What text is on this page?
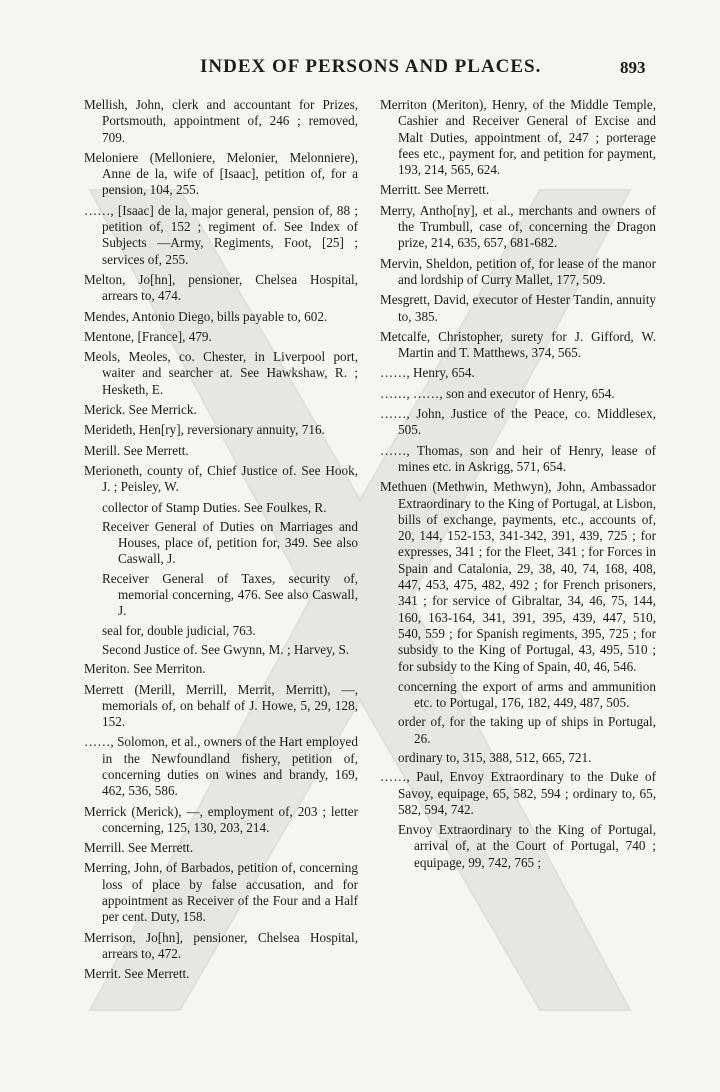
INDEX OF PERSONS AND PLACES.	893

Mellish, John, clerk and accountant for Prizes, Portsmouth, appointment of, 246 ; removed, 709.

Meloniere (Melloniere, Melonier, Melonniere), Anne de la, wife of [Isaac], petition of, for a pension, 104, 255.

……, [Isaac] de la, major general, pension of, 88 ; petition of, 152 ; regiment of. See Index of Subjects —Army, Regiments, Foot, [25] ; services of, 255.

Melton, Jo[hn], pensioner, Chelsea Hospital, arrears to, 474.

Mendes, Antonio Diego, bills payable to, 602.

Mentone, [France], 479.

Meols, Meoles, co. Chester, in Liverpool port, waiter and searcher at. See Hawkshaw, R. ; Hesketh, E.

Merick. See Merrick.

Merideth, Hen[ry], reversionary annuity, 716.

Merill. See Merrett.

Merioneth, county of, Chief Justice of. See Hook, J. ; Peisley, W.

collector of Stamp Duties. See Foulkes, R.

Receiver General of Duties on Marriages and Houses, place of, petition for, 349. See also Caswall, J.

Receiver General of Taxes, security of, memorial concerning, 476. See also Caswall, J.

seal for, double judicial, 763.

Second Justice of. See Gwynn, M. ; Harvey, S.

Meriton. See Merriton.

Merrett (Merill, Merrill, Merrit, Merritt), —, memorials of, on behalf of J. Howe, 5, 29, 128, 152.

……, Solomon, et al., owners of the Hart employed in the Newfoundland fishery, petition of, concerning duties on wines and brandy, 169, 462, 536, 586.

Merrick (Merick), —, employment of, 203 ; letter concerning, 125, 130, 203, 214.

Merrill. See Merrett.

Merring, John, of Barbados, petition of, concerning loss of place by false accusation, and for appointment as Receiver of the Four and a Half per cent. Duty, 158.

Merrison, Jo[hn], pensioner, Chelsea Hospital, arrears to, 472.

Merrit. See Merrett.

Merriton (Meriton), Henry, of the Middle Temple, Cashier and Receiver General of Excise and Malt Duties, appointment of, 247 ; porterage fees etc., payment for, and petition for payment, 193, 214, 565, 624.

Merritt. See Merrett.

Merry, Antho[ny], et al., merchants and owners of the Trumbull, case of, concerning the Dragon prize, 214, 635, 657, 681-682.

Mervin, Sheldon, petition of, for lease of the manor and lordship of Curry Mallet, 177, 509.

Mesgrett, David, executor of Hester Tandin, annuity to, 385.

Metcalfe, Christopher, surety for J. Gifford, W. Martin and T. Matthews, 374, 565.

……, Henry, 654.

……, ……, son and executor of Henry, 654.

……, John, Justice of the Peace, co. Middlesex, 505.

……, Thomas, son and heir of Henry, lease of mines etc. in Askrigg, 571, 654.

Methuen (Methwin, Methwyn), John, Ambassador Extraordinary to the King of Portugal, at Lisbon, bills of exchange, payments, etc., accounts of, 20, 144, 152-153, 341-342, 391, 439, 725 ; for expresses, 341 ; for the Fleet, 341 ; for Forces in Spain and Catalonia, 29, 38, 40, 74, 168, 408, 447, 453, 475, 482, 492 ; for French prisoners, 341 ; for service of Gibraltar, 34, 46, 75, 144, 160, 163-164, 341, 391, 395, 439, 447, 510, 540, 559 ; for Spanish regiments, 395, 725 ; for subsidy to the King of Portugal, 43, 495, 510 ; for subsidy to the King of Spain, 40, 46, 546.

concerning the export of arms and ammunition etc. to Portugal, 176, 182, 449, 487, 505.

order of, for the taking up of ships in Portugal, 26.

ordinary to, 315, 388, 512, 665, 721.

……, Paul, Envoy Extraordinary to the Duke of Savoy, equipage, 65, 582, 594 ; ordinary to, 65, 582, 594, 742.

Envoy Extraordinary to the King of Portugal, arrival of, at the Court of Portugal, 740 ; equipage, 99, 742, 765 ;
